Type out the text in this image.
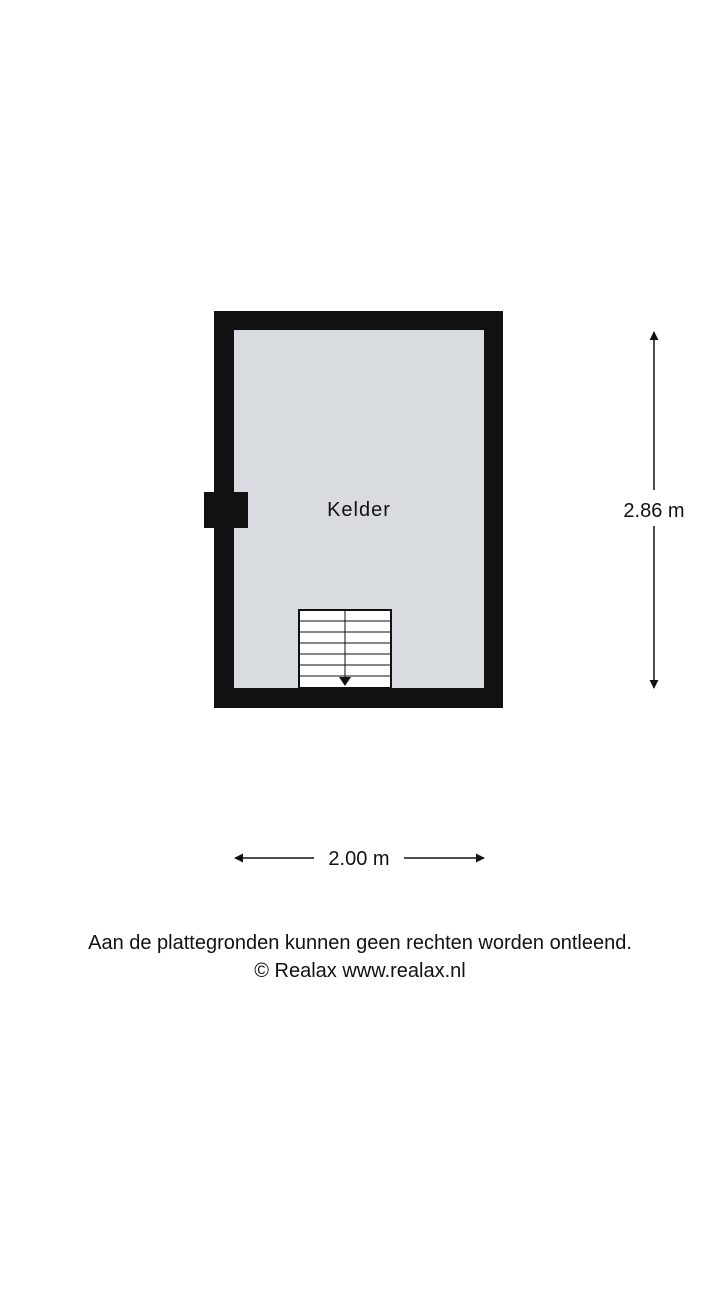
Kelder	2.86 m
2.00 m
Aan de plattegronden kunnen geen rechten worden ontleend.
© Realax www.realax.nl
